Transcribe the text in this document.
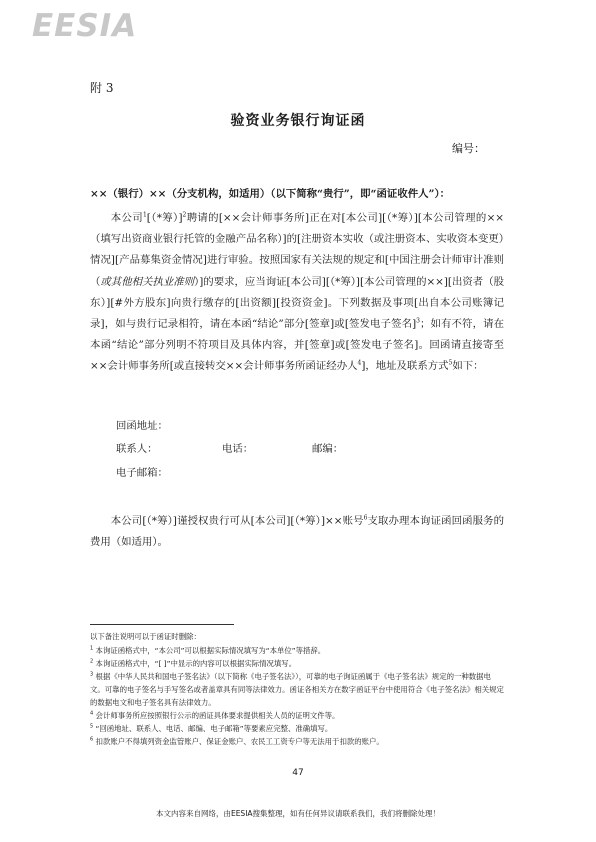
EESIA
附 3
验资业务银行询证函
编号：
××（银行）××（分支机构，如适用）（以下简称“贵行”，即“函证收件人”）：

本公司$^1$[（*筹）]$^2$聘请的[××会计师事务所]正在对[本公司][（*筹）][本公司管理的××（填写出资商业银行托管的金融产品名称）]的[注册资本实收（或注册资本、实收资本变更）情况][产品募集资金情况]进行审验。按照国家有关法规的规定和[中国注册会计师审计准则（或其他相关执业准则）]的要求，应当询证[本公司][（*筹）][本公司管理的××][出资者（股东）][#外方股东]向贵行缴存的[出资额][投资资金]。下列数据及事项[出自本公司账簿记录]，如与贵行记录相符，请在本函“结论”部分[签章]或[签发电子签名]$^3$；如有不符，请在本函“结论”部分列明不符项目及具体内容，并[签章]或[签发电子签名]。回函请直接寄至××会计师事务所[或直接转交××会计师事务所函证经办人$^4$]，地址及联系方式$^5$如下：

回函地址：
联系人：	电话：	邮编：
电子邮箱：

本公司[（*筹）]谨授权贵行可从[本公司][（*筹）]××账号$^6$支取办理本询证函回函服务的费用（如适用）。

以下备注说明可以于函证时删除：
$^1$ 本询证函格式中，“本公司”可以根据实际情况填写为“本单位”等措辞。
$^2$ 本询证函格式中，“[ ]”中显示的内容可以根据实际情况填写。
$^3$ 根据《中华人民共和国电子签名法》（以下简称《电子签名法》），可靠的电子询证函属于《电子签名法》规定的一种数据电文。可靠的电子签名与手写签名或者盖章具有同等法律效力。函证各相关方在数字函证平台中使用符合《电子签名法》相关规定的数据电文和电子签名具有法律效力。
$^4$ 会计师事务所应按照银行公示的函证具体要求提供相关人员的证明文件等。
$^5$ “回函地址、联系人、电话、邮编、电子邮箱”等要素应完整、准确填写。
$^6$ 扣款账户不得填列资金监管账户、保证金账户、农民工工资专户等无法用于扣款的账户。
47
本文内容来自网络，由EESIA搜集整理，如有任何异议请联系我们，我们将删除处理！
